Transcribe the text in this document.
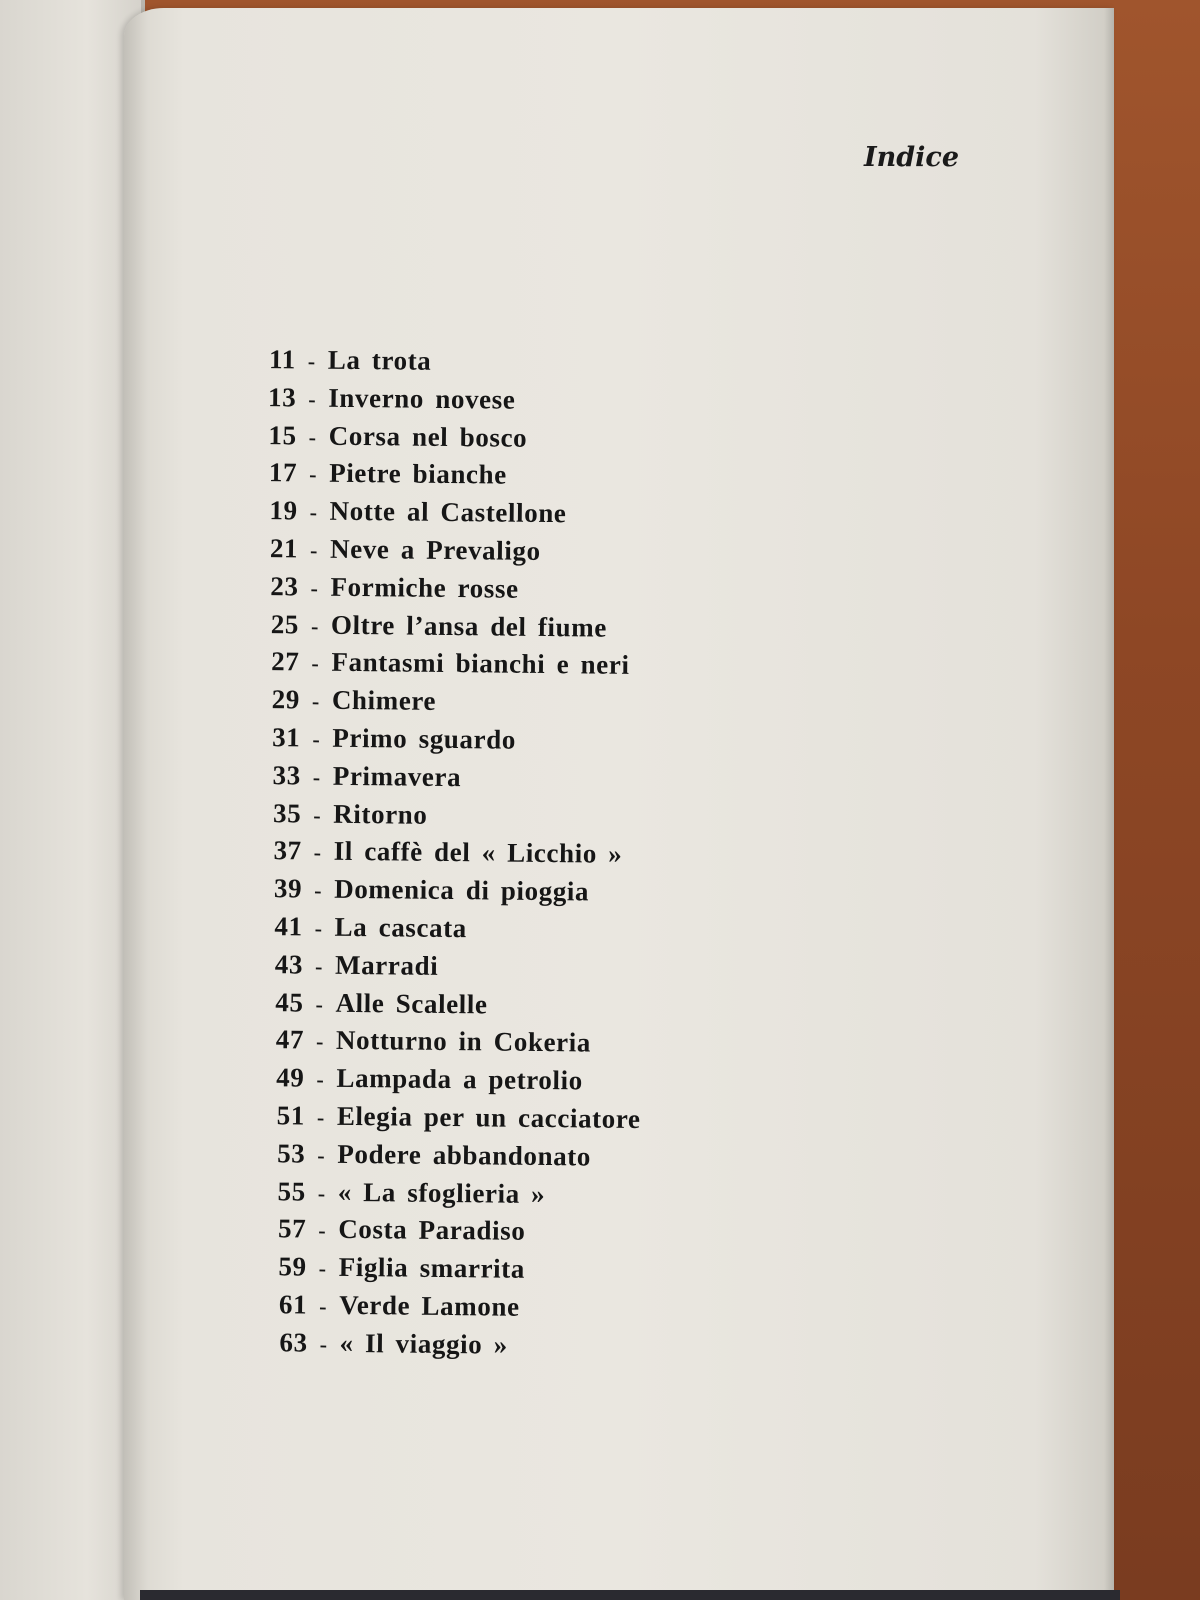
Indice
11 - La trota
13 - Inverno novese
15 - Corsa nel bosco
17 - Pietre bianche
19 - Notte al Castellone
21 - Neve a Prevaligo
23 - Formiche rosse
25 - Oltre l’ansa del fiume
27 - Fantasmi bianchi e neri
29 - Chimere
31 - Primo sguardo
33 - Primavera
35 - Ritorno
37 - Il caffè del « Licchio »
39 - Domenica di pioggia
41 - La cascata
43 - Marradi
45 - Alle Scalelle
47 - Notturno in Cokeria
49 - Lampada a petrolio
51 - Elegia per un cacciatore
53 - Podere abbandonato
55 - « La sfoglieria »
57 - Costa Paradiso
59 - Figlia smarrita
61 - Verde Lamone
63 - « Il viaggio »
